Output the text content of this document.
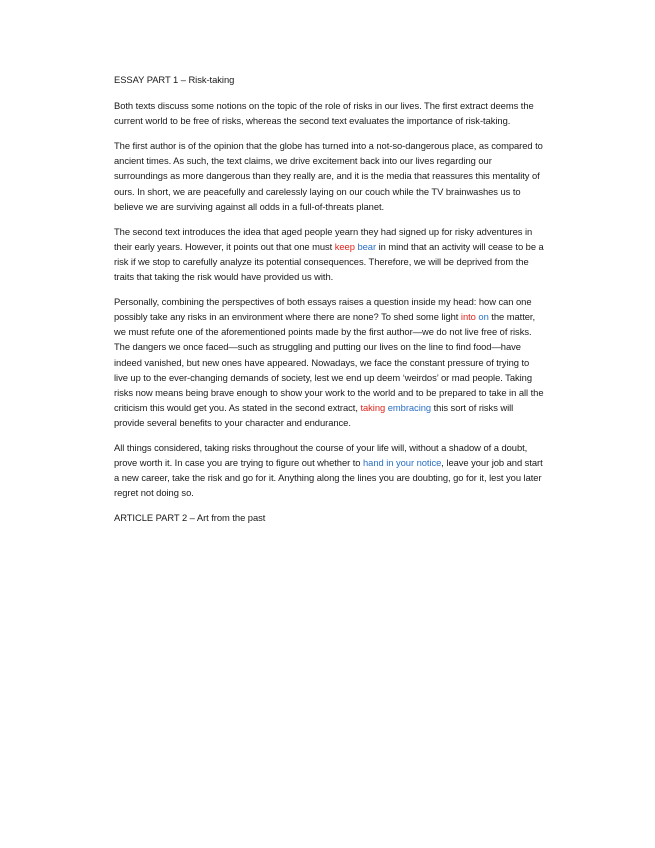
ESSAY PART 1 – Risk-taking

Both texts discuss some notions on the topic of the role of risks in our lives. The first extract deems the current world to be free of risks, whereas the second text evaluates the importance of risk-taking.

The first author is of the opinion that the globe has turned into a not-so-dangerous place, as compared to ancient times. As such, the text claims, we drive excitement back into our lives regarding our surroundings as more dangerous than they really are, and it is the media that reassures this mentality of ours. In short, we are peacefully and carelessly laying on our couch while the TV brainwashes us to believe we are surviving against all odds in a full-of-threats planet.

The second text introduces the idea that aged people yearn they had signed up for risky adventures in their early years. However, it points out that one must keep bear in mind that an activity will cease to be a risk if we stop to carefully analyze its potential consequences. Therefore, we will be deprived from the traits that taking the risk would have provided us with.

Personally, combining the perspectives of both essays raises a question inside my head: how can one possibly take any risks in an environment where there are none? To shed some light into on the matter, we must refute one of the aforementioned points made by the first author—we do not live free of risks. The dangers we once faced—such as struggling and putting our lives on the line to find food—have indeed vanished, but new ones have appeared. Nowadays, we face the constant pressure of trying to live up to the ever-changing demands of society, lest we end up deem ‘weirdos’ or mad people. Taking risks now means being brave enough to show your work to the world and to be prepared to take in all the criticism this would get you. As stated in the second extract, taking embracing this sort of risks will provide several benefits to your character and endurance.

All things considered, taking risks throughout the course of your life will, without a shadow of a doubt, prove worth it. In case you are trying to figure out whether to hand in your notice, leave your job and start a new career, take the risk and go for it. Anything along the lines you are doubting, go for it, lest you later regret not doing so.

ARTICLE PART 2 – Art from the past
